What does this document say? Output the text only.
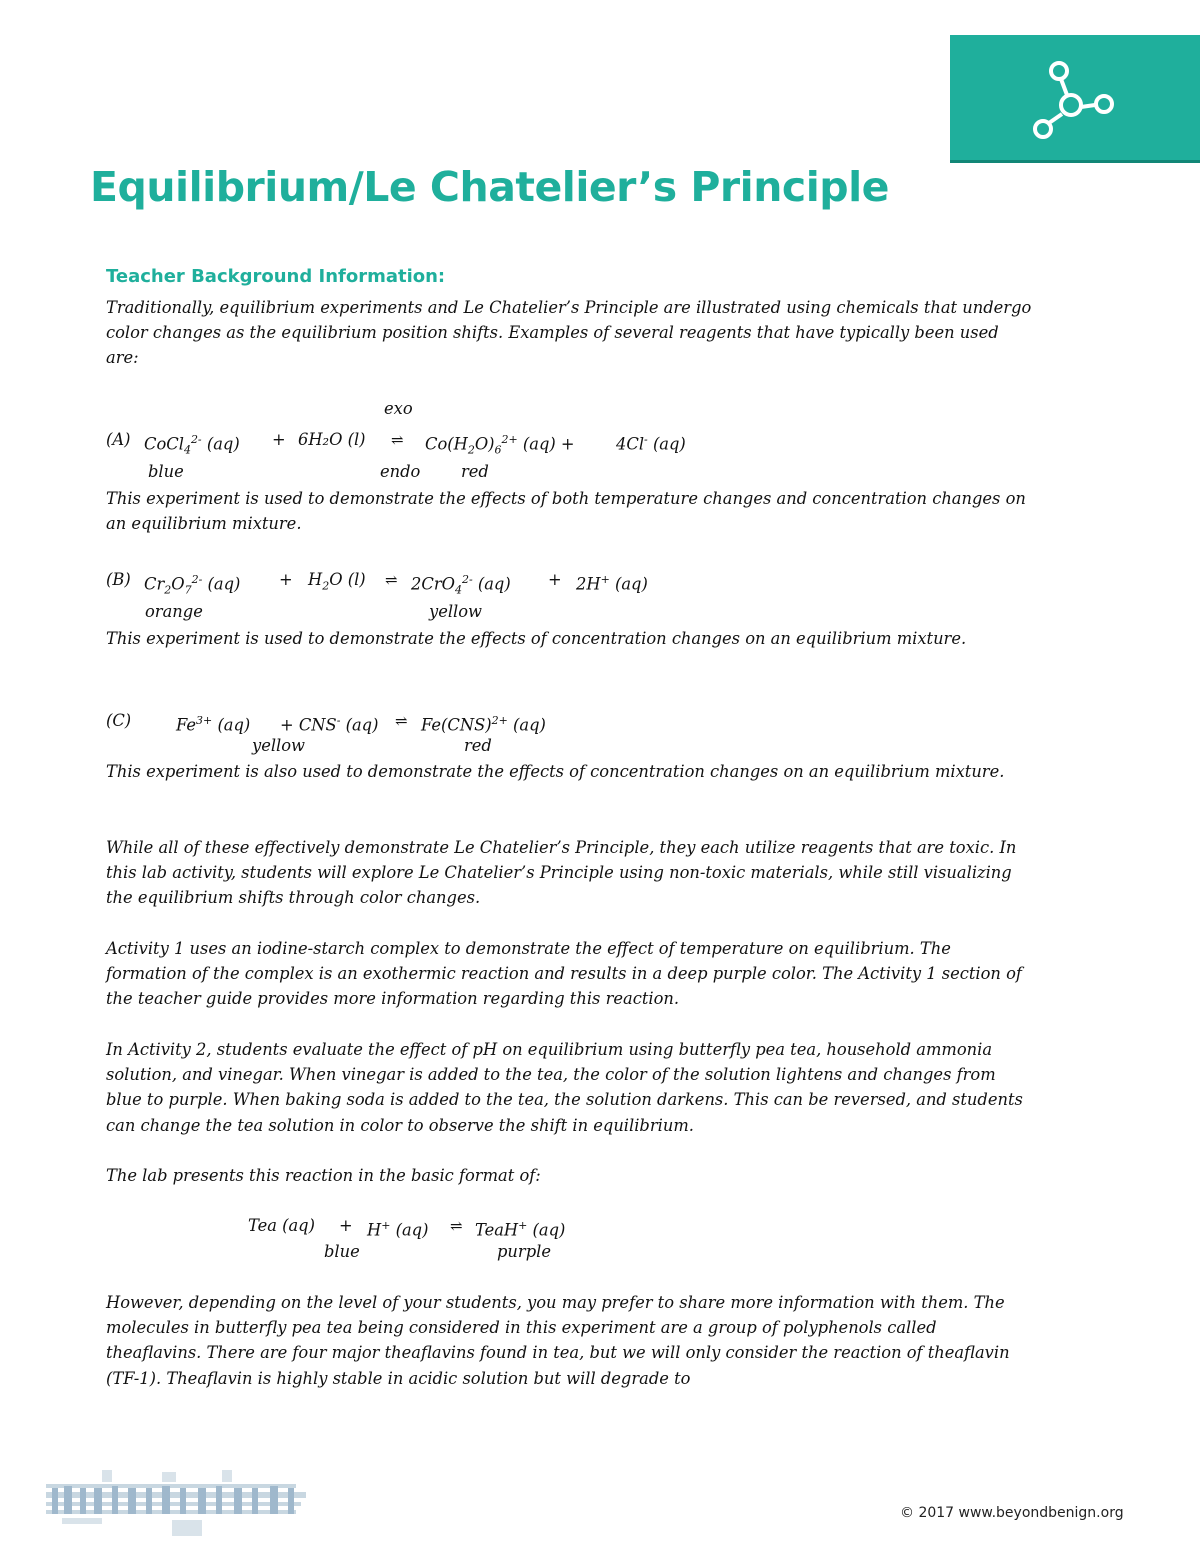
Equilibrium/Le Chatelier’s Principle
Teacher Background Information:

Traditionally, equilibrium experiments and Le Chatelier’s Principle are illustrated using chemicals that undergo color changes as the equilibrium position shifts. Examples of several reagents that have typically been used are:

exo
(A) CoCl$_4^{2-}$ (aq) + 6H₂O (l) ⇌ $Co(H_2O)_6^{2+}$ (aq) +	4Cl- (aq)
blue	endo red

This experiment is used to demonstrate the effects of both temperature changes and concentration changes on an equilibrium mixture.

(B) $Cr_2O_7^{2-}$ $(aq) + H_2O$ (l) ⇌ 2CrO$_4^{2-}$ (aq) + 2H+ (aq)
orange	yellow

This experiment is used to demonstrate the effects of concentration changes on an equilibrium mixture.

(C)	$Fe^{3+}$ (aq) + CNS- (aq) ⇌ Fe(CNS)$^{2+}$ (aq)
yellow	red

This experiment is also used to demonstrate the effects of concentration changes on an equilibrium mixture.

While all of these effectively demonstrate Le Chatelier’s Principle, they each utilize reagents that are toxic. In this lab activity, students will explore Le Chatelier’s Principle using non-toxic materials, while still visualizing the equilibrium shifts through color changes.

Activity 1 uses an iodine-starch complex to demonstrate the effect of temperature on equilibrium. The formation of the complex is an exothermic reaction and results in a deep purple color. The Activity 1 section of the teacher guide provides more information regarding this reaction.

In Activity 2, students evaluate the effect of pH on equilibrium using butterfly pea tea, household ammonia solution, and vinegar. When vinegar is added to the tea, the color of the solution lightens and changes from blue to purple. When baking soda is added to the tea, the solution darkens. This can be reversed, and students can change the tea solution in color to observe the shift in equilibrium.

The lab presents this reaction in the basic format of:

Tea (aq) + H+ (aq) ⇌ TeaH+ (aq)
blue	purple

However, depending on the level of your students, you may prefer to share more information with them. The molecules in butterfly pea tea being considered in this experiment are a group of polyphenols called theaflavins. There are four major theaflavins found in tea, but we will only consider the reaction of theaflavin (TF-1). Theaflavin is highly stable in acidic solution but will degrade to

© 2017 www.beyondbenign.org
